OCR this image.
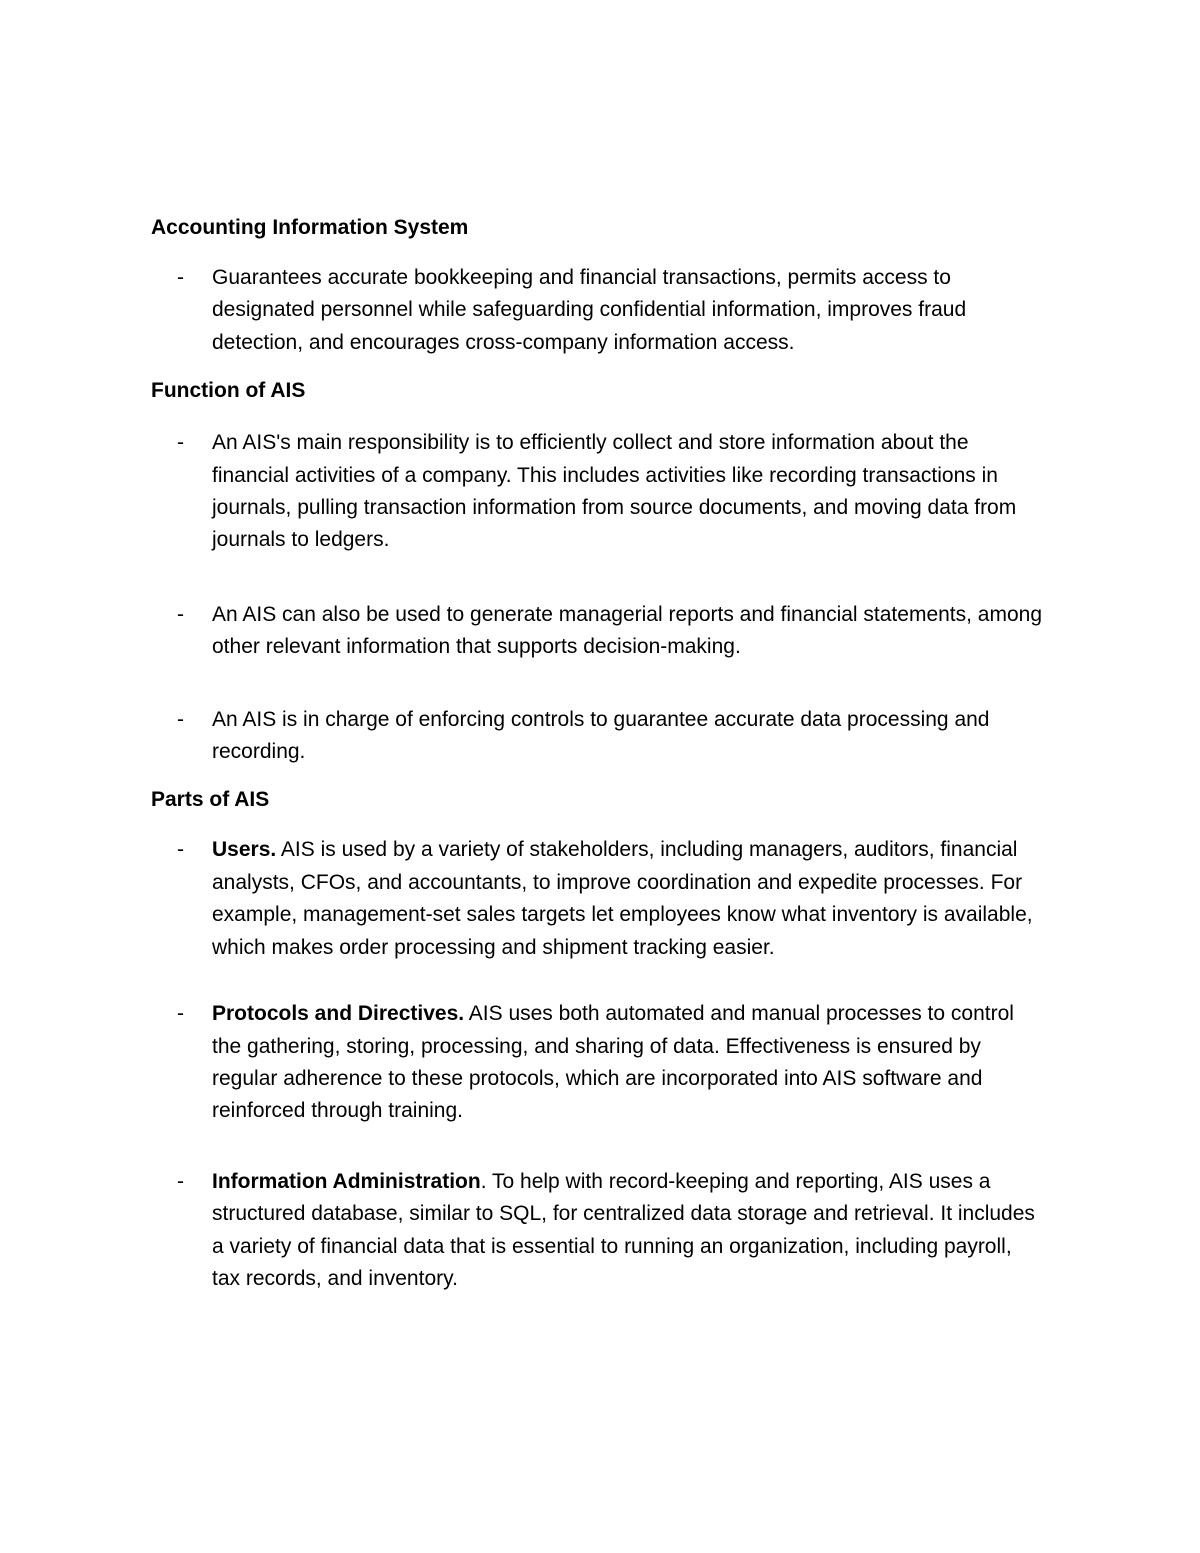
Accounting Information System
- Guarantees accurate bookkeeping and financial transactions, permits access to designated personnel while safeguarding confidential information, improves fraud detection, and encourages cross-company information access.
Function of AIS
- An AIS's main responsibility is to efficiently collect and store information about the financial activities of a company. This includes activities like recording transactions in journals, pulling transaction information from source documents, and moving data from journals to ledgers.
- An AIS can also be used to generate managerial reports and financial statements, among other relevant information that supports decision-making.
- An AIS is in charge of enforcing controls to guarantee accurate data processing and recording.
Parts of AIS
- Users. AIS is used by a variety of stakeholders, including managers, auditors, financial analysts, CFOs, and accountants, to improve coordination and expedite processes. For example, management-set sales targets let employees know what inventory is available, which makes order processing and shipment tracking easier.
- Protocols and Directives. AIS uses both automated and manual processes to control the gathering, storing, processing, and sharing of data. Effectiveness is ensured by regular adherence to these protocols, which are incorporated into AIS software and reinforced through training.
- Information Administration. To help with record-keeping and reporting, AIS uses a structured database, similar to SQL, for centralized data storage and retrieval. It includes a variety of financial data that is essential to running an organization, including payroll, tax records, and inventory.
